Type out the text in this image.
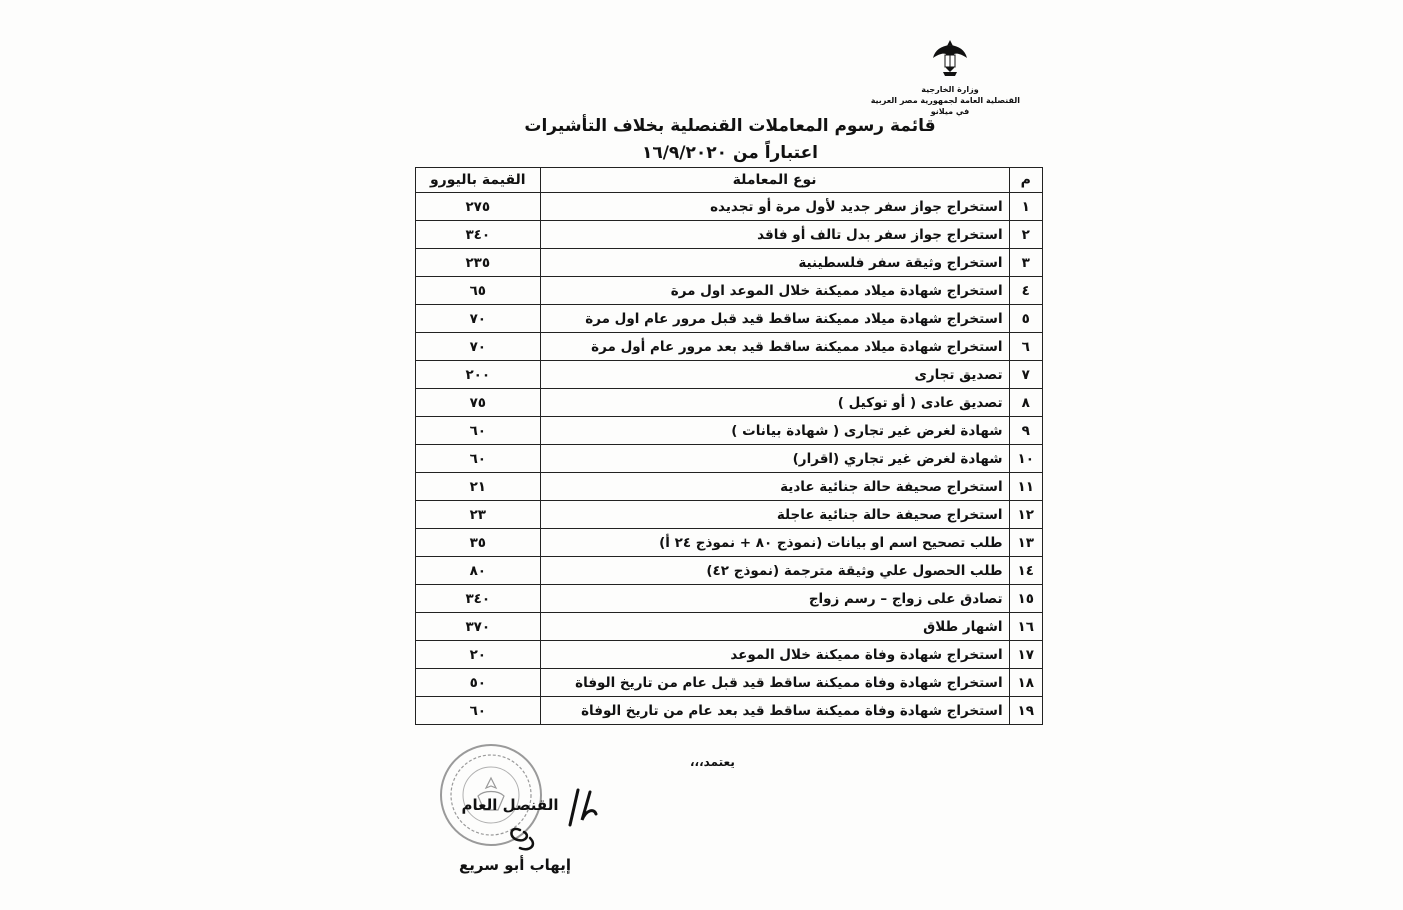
وزارة الخارجية
القنصلية العامة لجمهورية مصر العربية
في ميلانو
قائمة رسوم المعاملات القنصلية بخلاف التأشيرات
اعتباراً من ١٦/٩/٢٠٢٠
م	نوع المعاملة	القيمة باليورو
١	استخراج جواز سفر جديد لأول مرة أو تجديده	٢٧٥
٢	استخراج جواز سفر بدل تالف أو فاقد	٣٤٠
٣	استخراج وثيقة سفر فلسطينية	٢٣٥
٤	استخراج شهادة ميلاد مميكنة خلال الموعد اول مرة	٦٥
٥	استخراج شهادة ميلاد مميكنة ساقط قيد قبل مرور عام اول مرة	٧٠
٦	استخراج شهادة ميلاد مميكنة ساقط قيد بعد مرور عام أول مرة	٧٠
٧	تصديق تجارى	٢٠٠
٨	تصديق عادى ( أو توكيل )	٧٥
٩	شهادة لغرض غير تجارى ( شهادة بيانات )	٦٠
١٠	شهادة لغرض غير تجاري (اقرار)	٦٠
١١	استخراج صحيفة حالة جنائية عادية	٢١
١٢	استخراج صحيفة حالة جنائية عاجلة	٢٣
١٣	طلب تصحيح اسم او بيانات (نموذج ٨٠ + نموذج ٢٤ أ)	٣٥
١٤	طلب الحصول علي وثيقة مترجمة (نموذج ٤٢)	٨٠
١٥	تصادق على زواج – رسم زواج	٣٤٠
١٦	اشهار طلاق	٣٧٠
١٧	استخراج شهادة وفاة مميكنة خلال الموعد	٢٠
١٨	استخراج شهادة وفاة مميكنة ساقط قيد قبل عام من تاريخ الوفاة	٥٠
١٩	استخراج شهادة وفاة مميكنة ساقط قيد بعد عام من تاريخ الوفاة	٦٠
يعتمد،،،
القنصل العام
إيهاب أبو سريع
